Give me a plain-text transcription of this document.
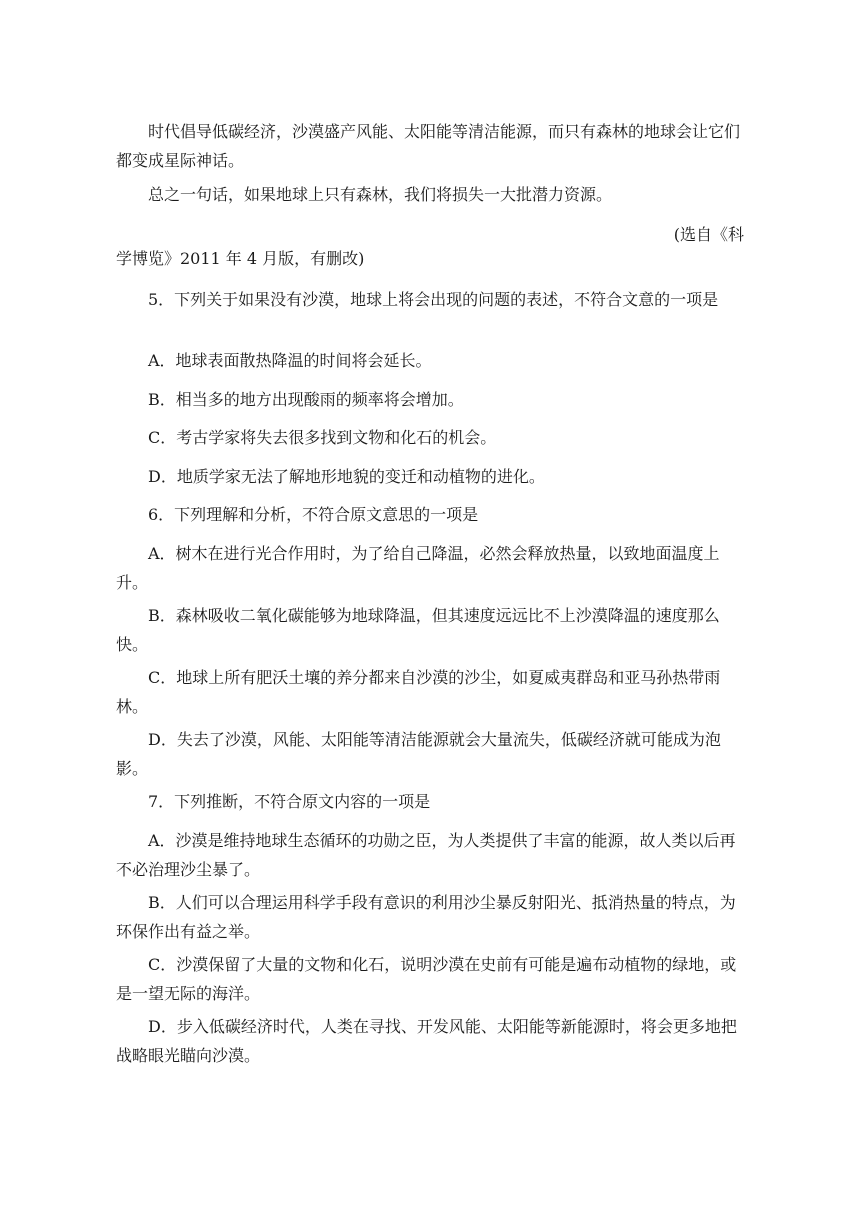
时代倡导低碳经济，沙漠盛产风能、太阳能等清洁能源，而只有森林的地球会让它们都变成星际神话。

总之一句话，如果地球上只有森林，我们将损失一大批潜力资源。

(选自《科

学博览》2011 年 4 月版，有删改)

5．下列关于如果没有沙漠，地球上将会出现的问题的表述，不符合文意的一项是

A．地球表面散热降温的时间将会延长。

B．相当多的地方出现酸雨的频率将会增加。

C．考古学家将失去很多找到文物和化石的机会。

D．地质学家无法了解地形地貌的变迁和动植物的进化。

6．下列理解和分析，不符合原文意思的一项是

A．树木在进行光合作用时，为了给自己降温，必然会释放热量，以致地面温度上升。

B．森林吸收二氧化碳能够为地球降温，但其速度远远比不上沙漠降温的速度那么快。

C．地球上所有肥沃土壤的养分都来自沙漠的沙尘，如夏威夷群岛和亚马孙热带雨林。

D．失去了沙漠，风能、太阳能等清洁能源就会大量流失，低碳经济就可能成为泡影。

7．下列推断，不符合原文内容的一项是

A．沙漠是维持地球生态循环的功勋之臣，为人类提供了丰富的能源，故人类以后再不必治理沙尘暴了。

B．人们可以合理运用科学手段有意识的利用沙尘暴反射阳光、抵消热量的特点，为环保作出有益之举。

C．沙漠保留了大量的文物和化石，说明沙漠在史前有可能是遍布动植物的绿地，或是一望无际的海洋。

D．步入低碳经济时代，人类在寻找、开发风能、太阳能等新能源时，将会更多地把战略眼光瞄向沙漠。
